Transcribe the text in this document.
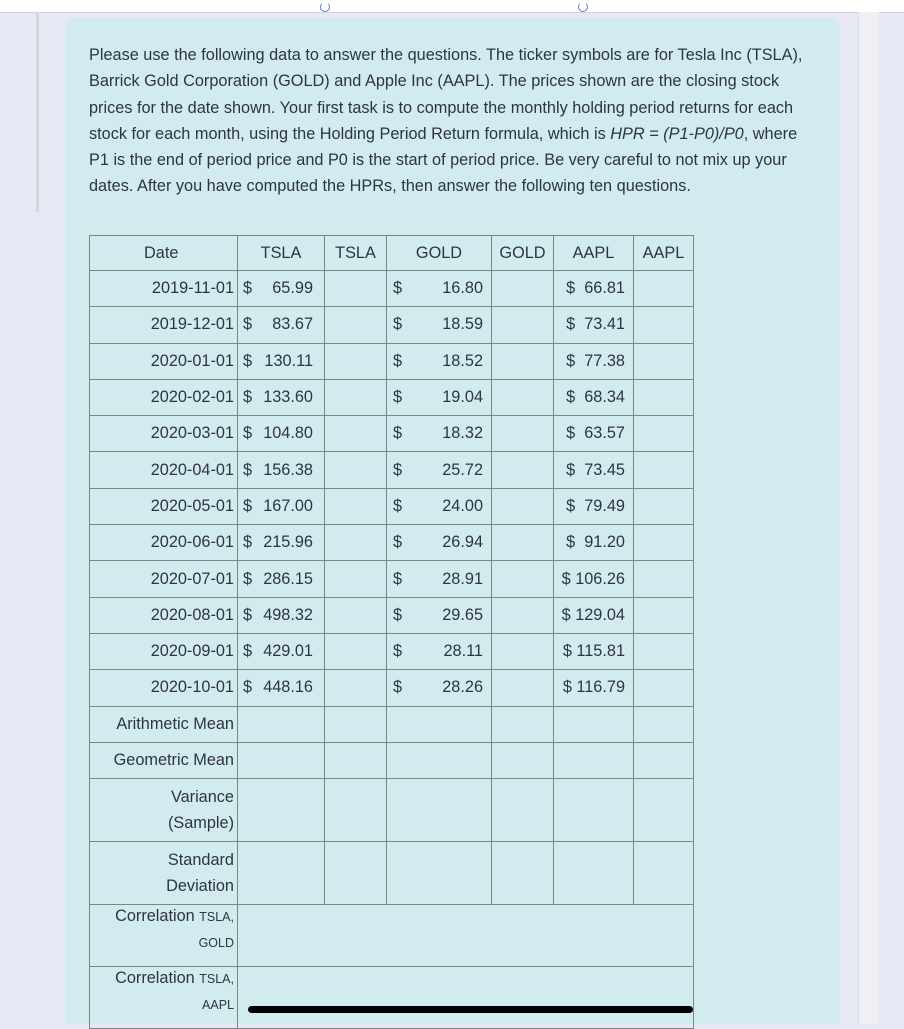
Please use the following data to answer the questions. The ticker symbols are for Tesla Inc (TSLA), Barrick Gold Corporation (GOLD) and Apple Inc (AAPL). The prices shown are the closing stock prices for the date shown. Your first task is to compute the monthly holding period returns for each stock for each month, using the Holding Period Return formula, which is HPR = (P1-P0)/P0, where P1 is the end of period price and P0 is the start of period price. Be very careful to not mix up your dates. After you have computed the HPRs, then answer the following ten questions.
Date	TSLA	TSLA	GOLD	GOLD	AAPL	AAPL
2019-11-01	$ 65.99		$ 16.80		$  66.81	
2019-12-01	$ 83.67		$ 18.59		$  73.41	
2020-01-01	$ 130.11		$ 18.52		$  77.38	
2020-02-01	$ 133.60		$ 19.04		$  68.34	
2020-03-01	$ 104.80		$ 18.32		$  63.57	
2020-04-01	$ 156.38		$ 25.72		$  73.45	
2020-05-01	$ 167.00		$ 24.00		$  79.49	
2020-06-01	$ 215.96		$ 26.94		$  91.20	
2020-07-01	$ 286.15		$ 28.91		$ 106.26	
2020-08-01	$ 498.32		$ 29.65		$ 129.04	
2020-09-01	$ 429.01		$ 28.11		$ 115.81	
2020-10-01	$ 448.16		$ 28.26		$ 116.79	
Arithmetic Mean						
Geometric Mean						
Variance
(Sample)						
Standard
Deviation						

Correlation TSLA,
GOLD						

Correlation TSLA,
AAPL						
